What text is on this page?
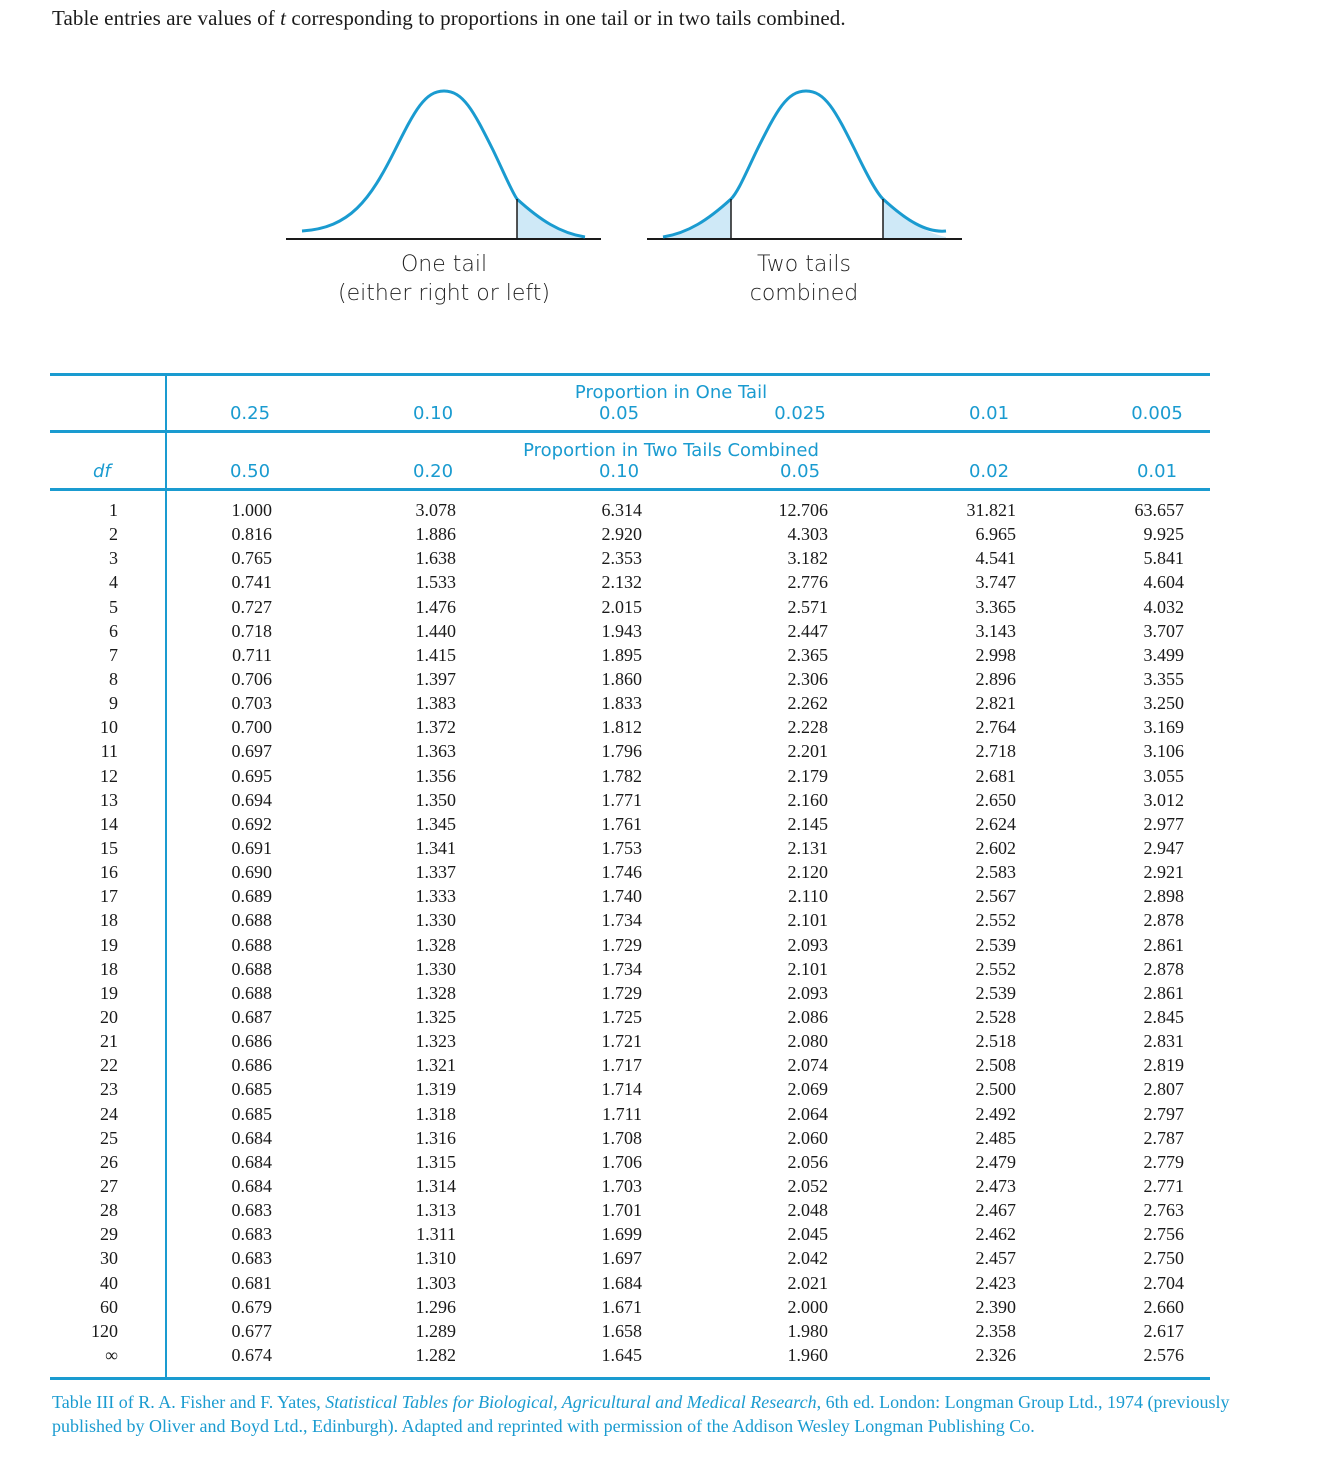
Table entries are values of t corresponding to proportions in one tail or in two tails combined.
One tail
(either right or left)
Two tails
combined
Proportion in One Tail
0.25	0.10	0.05	0.025	0.01	0.005
df
Proportion in Two Tails Combined
0.50	0.20	0.10	0.05	0.02	0.01
1	1.000	3.078	6.314	12.706	31.821	63.657
2	0.816	1.886	2.920	4.303	6.965	9.925
3	0.765	1.638	2.353	3.182	4.541	5.841
4	0.741	1.533	2.132	2.776	3.747	4.604
5	0.727	1.476	2.015	2.571	3.365	4.032
6	0.718	1.440	1.943	2.447	3.143	3.707
7	0.711	1.415	1.895	2.365	2.998	3.499
8	0.706	1.397	1.860	2.306	2.896	3.355
9	0.703	1.383	1.833	2.262	2.821	3.250
10	0.700	1.372	1.812	2.228	2.764	3.169
11	0.697	1.363	1.796	2.201	2.718	3.106
12	0.695	1.356	1.782	2.179	2.681	3.055
13	0.694	1.350	1.771	2.160	2.650	3.012
14	0.692	1.345	1.761	2.145	2.624	2.977
15	0.691	1.341	1.753	2.131	2.602	2.947
16	0.690	1.337	1.746	2.120	2.583	2.921
17	0.689	1.333	1.740	2.110	2.567	2.898
18	0.688	1.330	1.734	2.101	2.552	2.878
19	0.688	1.328	1.729	2.093	2.539	2.861
18	0.688	1.330	1.734	2.101	2.552	2.878
19	0.688	1.328	1.729	2.093	2.539	2.861
20	0.687	1.325	1.725	2.086	2.528	2.845
21	0.686	1.323	1.721	2.080	2.518	2.831
22	0.686	1.321	1.717	2.074	2.508	2.819
23	0.685	1.319	1.714	2.069	2.500	2.807
24	0.685	1.318	1.711	2.064	2.492	2.797
25	0.684	1.316	1.708	2.060	2.485	2.787
26	0.684	1.315	1.706	2.056	2.479	2.779
27	0.684	1.314	1.703	2.052	2.473	2.771
28	0.683	1.313	1.701	2.048	2.467	2.763
29	0.683	1.311	1.699	2.045	2.462	2.756
30	0.683	1.310	1.697	2.042	2.457	2.750
40	0.681	1.303	1.684	2.021	2.423	2.704
60	0.679	1.296	1.671	2.000	2.390	2.660
120	0.677	1.289	1.658	1.980	2.358	2.617
∞	0.674	1.282	1.645	1.960	2.326	2.576
Table III of R. A. Fisher and F. Yates, Statistical Tables for Biological, Agricultural and Medical Research, 6th ed. London: Longman Group Ltd., 1974 (previously published by Oliver and Boyd Ltd., Edinburgh). Adapted and reprinted with permission of the Addison Wesley Longman Publishing Co.
